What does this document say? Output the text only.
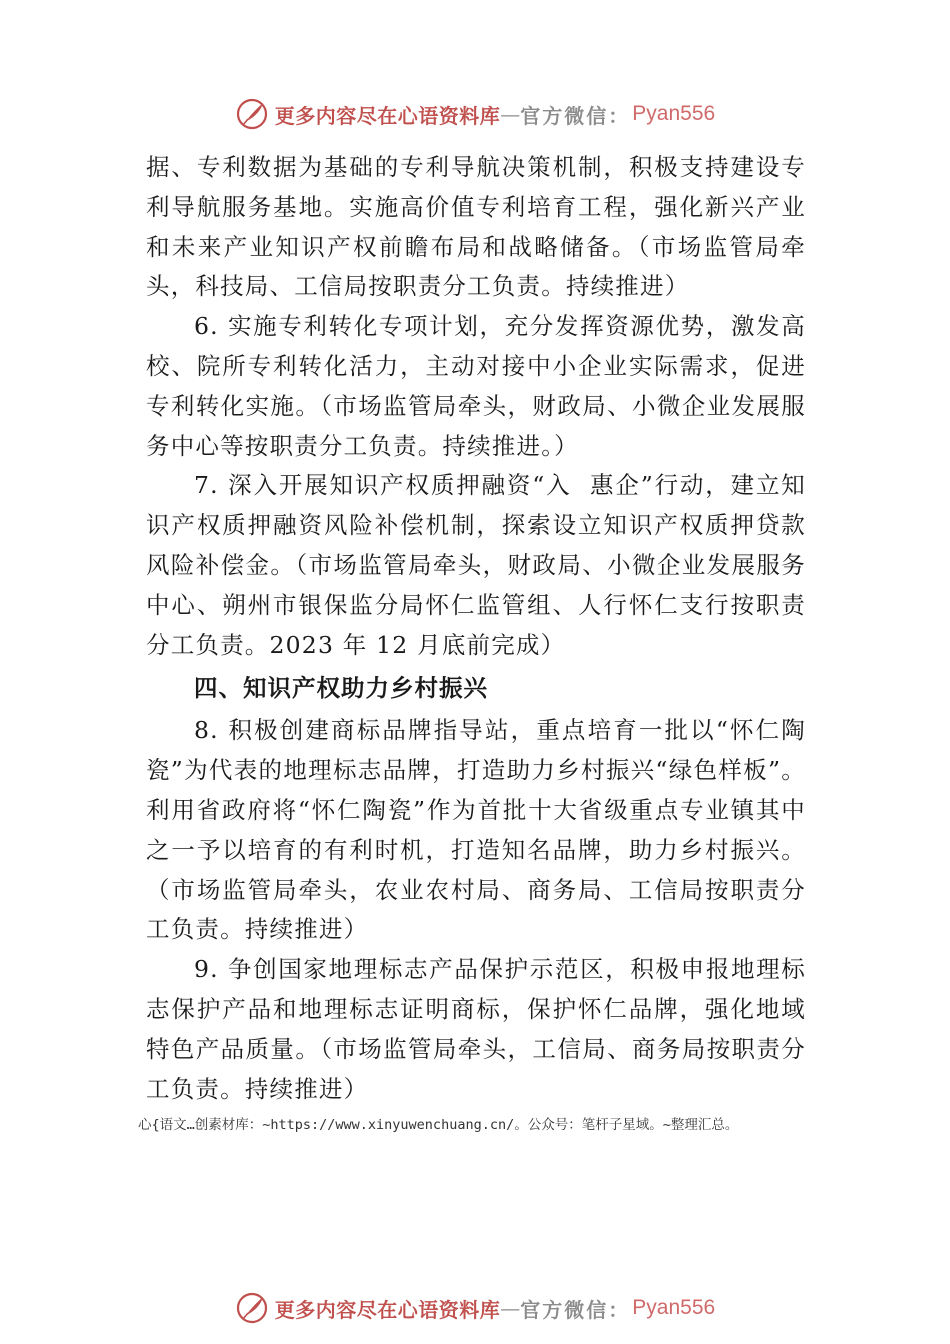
更多内容尽在心语资料库 — 官方微信： Pyan556

据、专利数据为基础的专利导航决策机制，积极支持建设专利导航服务基地。实施高价值专利培育工程，强化新兴产业和未来产业知识产权前瞻布局和战略储备。（市场监管局牵头，科技局、工信局按职责分工负责。持续推进）

6. 实施专利转化专项计划，充分发挥资源优势，激发高校、院所专利转化活力，主动对接中小企业实际需求，促进专利转化实施。（市场监管局牵头，财政局、小微企业发展服务中心等按职责分工负责。持续推进。）

7. 深入开展知识产权质押融资“入  惠企”行动，建立知识产权质押融资风险补偿机制，探索设立知识产权质押贷款风险补偿金。（市场监管局牵头，财政局、小微企业发展服务中心、朔州市银保监分局怀仁监管组、人行怀仁支行按职责分工负责。2023 年 12 月底前完成）

四、知识产权助力乡村振兴

8. 积极创建商标品牌指导站，重点培育一批以“怀仁陶瓷”为代表的地理标志品牌，打造助力乡村振兴“绿色样板”。利用省政府将“怀仁陶瓷”作为首批十大省级重点专业镇其中之一予以培育的有利时机，打造知名品牌，助力乡村振兴。（市场监管局牵头，农业农村局、商务局、工信局按职责分工负责。持续推进）

9. 争创国家地理标志产品保护示范区，积极申报地理标志保护产品和地理标志证明商标，保护怀仁品牌，强化地域特色产品质量。（市场监管局牵头，工信局、商务局按职责分工负责。持续推进）

心{语文…创素材库：~https://www.xinyuwenchuang.cn/。公众号：笔杆子星域。~整理汇总。
更多内容尽在心语资料库 — 官方微信： Pyan556
